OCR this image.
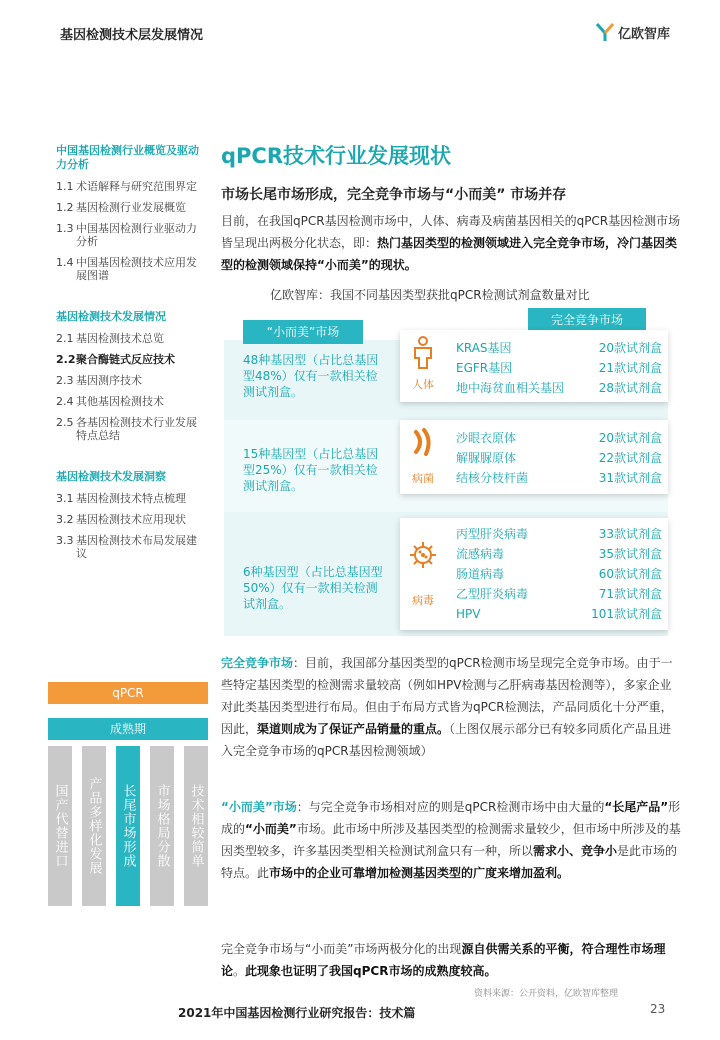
基因检测技术层发展情况	亿欧智库
中国基因检测行业概览及驱动力分析
1.1 术语解释与研究范围界定
1.2 基因检测行业发展概览
1.3 中国基因检测行业驱动力分析
1.4 中国基因检测技术应用发展图谱
基因检测技术发展情况
2.1 基因检测技术总览
2.2 聚合酶链式反应技术
2.3 基因测序技术
2.4 其他基因检测技术
2.5 各基因检测技术行业发展特点总结
基因检测技术发展洞察
3.1 基因检测技术特点梳理
3.2 基因检测技术应用现状
3.3 基因检测技术布局发展建议
qPCR
成熟期
国产代替进口	产品多样化发展	长尾市场形成	市场格局分散	技术相较简单
qPCR技术行业发展现状
市场长尾市场形成，完全竞争市场与“小而美” 市场并存
目前，在我国qPCR基因检测市场中，人体、病毒及病菌基因相关的qPCR基因检测市场皆呈现出两极分化状态，即：热门基因类型的检测领域进入完全竞争市场，冷门基因类型的检测领域保持“小而美”的现状。
亿欧智库：我国不同基因类型获批qPCR检测试剂盒数量对比
“小而美”市场
完全竞争市场
48种基因型（占比总基因型48%）仅有一款相关检测试剂盒。
人体
KRAS基因	20款试剂盒
EGFR基因	21款试剂盒
地中海贫血相关基因	28款试剂盒
15种基因型（占比总基因型25%）仅有一款相关检测试剂盒。
病菌
沙眼衣原体	20款试剂盒
解脲脲原体	22款试剂盒
结核分枝杆菌	31款试剂盒
6种基因型（占比总基因型50%）仅有一款相关检测试剂盒。	病毒
丙型肝炎病毒	33款试剂盒
流感病毒	35款试剂盒
肠道病毒	60款试剂盒
乙型肝炎病毒	71款试剂盒
HPV	101款试剂盒
完全竞争市场：目前，我国部分基因类型的qPCR检测市场呈现完全竞争市场。由于一些特定基因类型的检测需求量较高（例如HPV检测与乙肝病毒基因检测等），多家企业对此类基因类型进行布局。但由于布局方式皆为qPCR检测法，产品同质化十分严重，因此，渠道则成为了保证产品销量的重点。（上图仅展示部分已有较多同质化产品且进入完全竞争市场的qPCR基因检测领域）
“小而美”市场：与完全竞争市场相对应的则是qPCR检测市场中由大量的“长尾产品”形成的“小而美”市场。此市场中所涉及基因类型的检测需求量较少，但市场中所涉及的基因类型较多，许多基因类型相关检测试剂盒只有一种，所以需求小、竞争小是此市场的特点。此市场中的企业可靠增加检测基因类型的广度来增加盈利。
完全竞争市场与“小而美”市场两极分化的出现源自供需关系的平衡，符合理性市场理论。此现象也证明了我国qPCR市场的成熟度较高。
资料来源：公开资料，亿欧智库整理
2021年中国基因检测行业研究报告：技术篇	23
